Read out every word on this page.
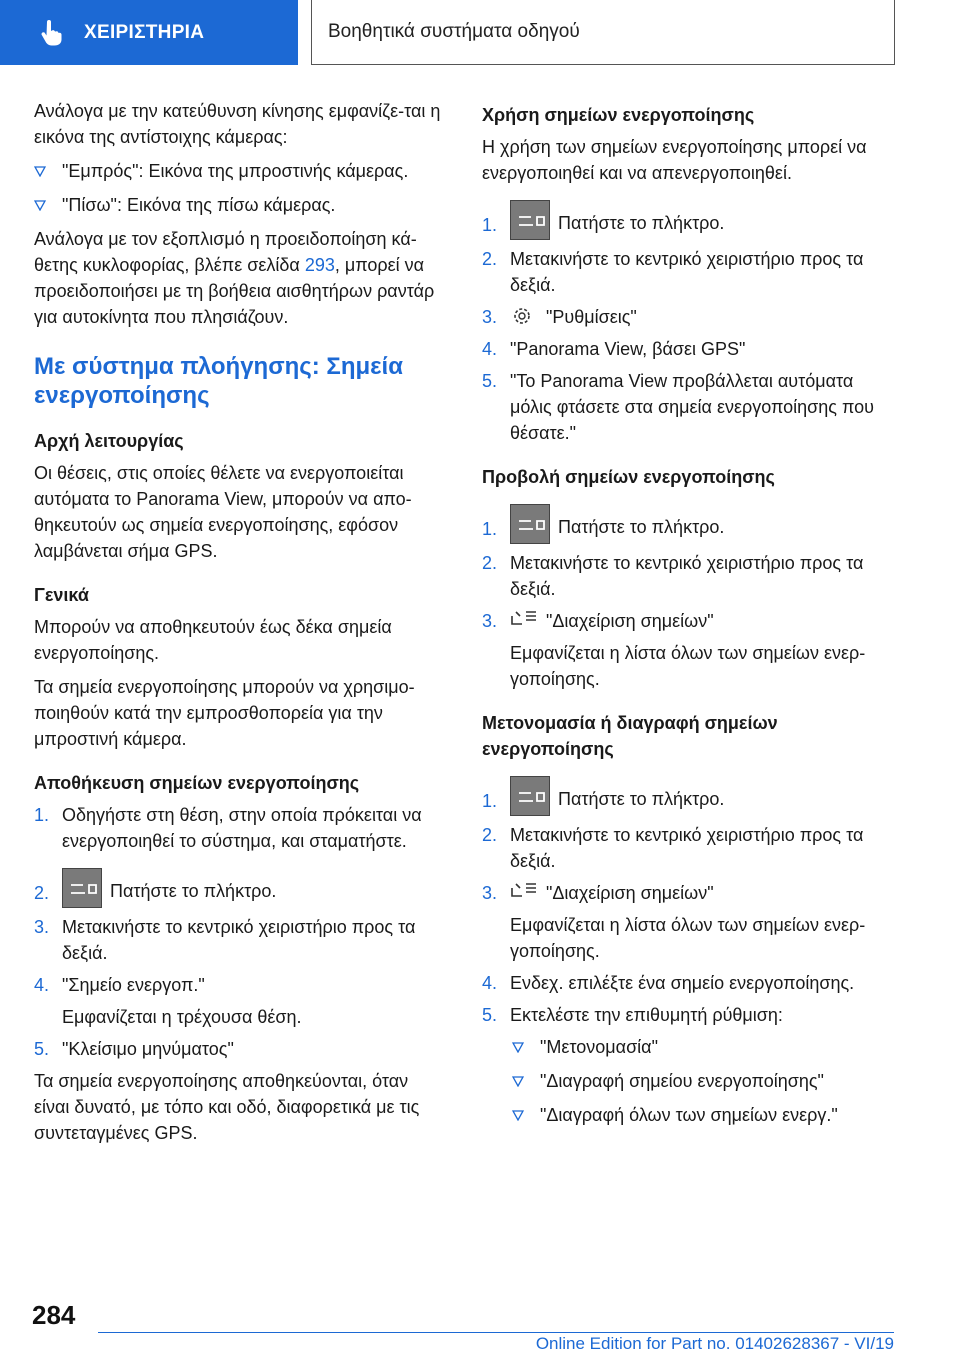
ΧΕΙΡΙΣΤΗΡΙΑ	Βοηθητικά συστήματα οδηγού

Ανάλογα με την κατεύθυνση κίνησης εμφανίζε-ται η εικόνα της αντίστοιχης κάμερας:

"Εμπρός": Εικόνα της μπροστινής κάμερας.
"Πίσω": Εικόνα της πίσω κάμερας.

Ανάλογα με τον εξοπλισμό η προειδοποίηση κά-θετης κυκλοφορίας, βλέπε σελίδα 293, μπορεί να προειδοποιήσει με τη βοήθεια αισθητήρων ραντάρ για αυτοκίνητα που πλησιάζουν.

Με σύστημα πλοήγησης: Σημεία ενεργοποίησης
Αρχή λειτουργίας

Οι θέσεις, στις οποίες θέλετε να ενεργοποιείται αυτόματα το Panorama View, μπορούν να απο-θηκευτούν ως σημεία ενεργοποίησης, εφόσον λαμβάνεται σήμα GPS.

Γενικά

Μπορούν να αποθηκευτούν έως δέκα σημεία ενεργοποίησης.

Τα σημεία ενεργοποίησης μπορούν να χρησιμο-ποιηθούν κατά την εμπροσθοπορεία για την μπροστινή κάμερα.

Αποθήκευση σημείων ενεργοποίησης
1. Οδηγήστε στη θέση, στην οποία πρόκειται να ενεργοποιηθεί το σύστημα, και σταματήστε.
2.	Πατήστε το πλήκτρο.
3. Μετακινήστε το κεντρικό χειριστήριο προς τα δεξιά.
4. "Σημείο ενεργοπ."
Εμφανίζεται η τρέχουσα θέση.
5. "Κλείσιμο μηνύματος"

Τα σημεία ενεργοποίησης αποθηκεύονται, όταν είναι δυνατό, με τόπο και οδό, διαφορετικά με τις συντεταγμένες GPS.

Χρήση σημείων ενεργοποίησης

Η χρήση των σημείων ενεργοποίησης μπορεί να ενεργοποιηθεί και να απενεργοποιηθεί.

1.	Πατήστε το πλήκτρο.
2. Μετακινήστε το κεντρικό χειριστήριο προς τα δεξιά.
3.	"Ρυθμίσεις"
4. "Panorama View, βάσει GPS"
5. "Το Panorama View προβάλλεται αυτόματα μόλις φτάσετε στα σημεία ενεργοποίησης που θέσατε."
Προβολή σημείων ενεργοποίησης
1.	Πατήστε το πλήκτρο.
2. Μετακινήστε το κεντρικό χειριστήριο προς τα δεξιά.
3.	"Διαχείριση σημείων"
Εμφανίζεται η λίστα όλων των σημείων ενερ-γοποίησης.
Μετονομασία ή διαγραφή σημείων ενεργοποίησης
1.	Πατήστε το πλήκτρο.
2. Μετακινήστε το κεντρικό χειριστήριο προς τα δεξιά.
3.	"Διαχείριση σημείων"
Εμφανίζεται η λίστα όλων των σημείων ενερ-γοποίησης.
4. Ενδεχ. επιλέξτε ένα σημείο ενεργοποίησης.
5. Εκτελέστε την επιθυμητή ρύθμιση:
"Μετονομασία"
"Διαγραφή σημείου ενεργοποίησης"
"Διαγραφή όλων των σημείων ενεργ."
284
Online Edition for Part no. 01402628367 - VI/19
